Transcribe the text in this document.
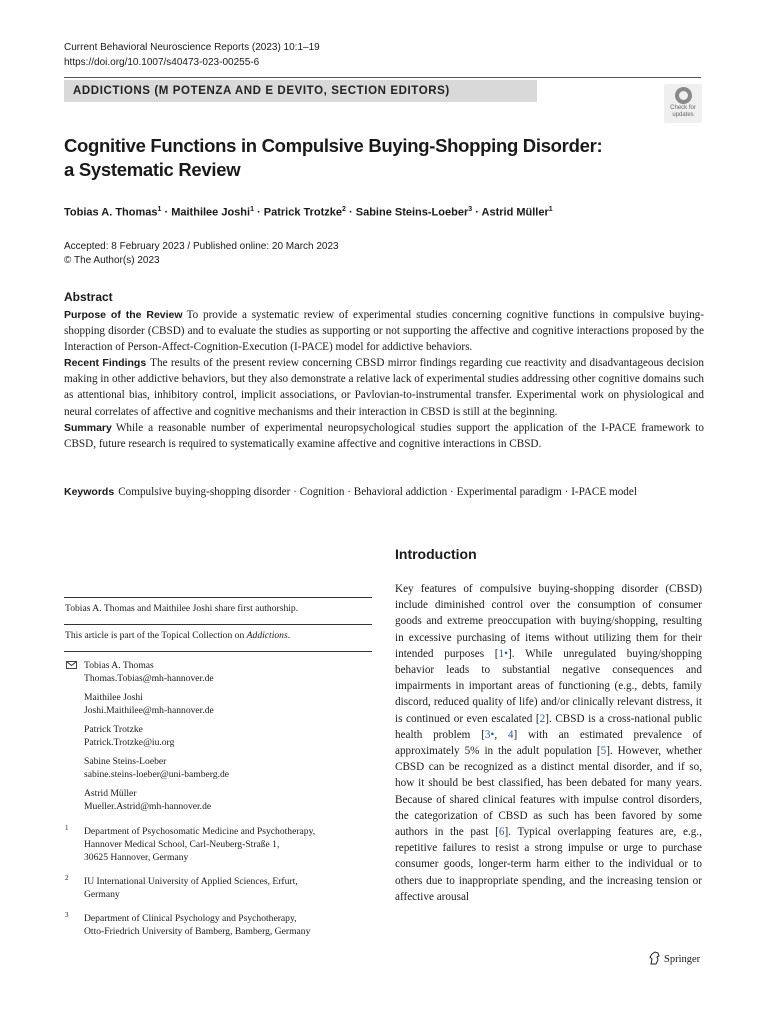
Current Behavioral Neuroscience Reports (2023) 10:1–19
https://doi.org/10.1007/s40473-023-00255-6
ADDICTIONS (M POTENZA AND E DEVITO, SECTION EDITORS)
Check for updates
Cognitive Functions in Compulsive Buying-Shopping Disorder:
a Systematic Review
Tobias A. Thomas$^1$ · Maithilee Joshi$^1$ · Patrick Trotzke$^2$ · Sabine Steins-Loeber$^3$ · Astrid Müller$^1$
Accepted: 8 February 2023 / Published online: 20 March 2023
© The Author(s) 2023
Abstract

Purpose of the Review To provide a systematic review of experimental studies concerning cognitive functions in compulsive buying-shopping disorder (CBSD) and to evaluate the studies as supporting or not supporting the affective and cognitive interactions proposed by the Interaction of Person-Affect-Cognition-Execution (I-PACE) model for addictive behaviors.

Recent Findings The results of the present review concerning CBSD mirror findings regarding cue reactivity and disadvantageous decision making in other addictive behaviors, but they also demonstrate a relative lack of experimental studies addressing other cognitive domains such as attentional bias, inhibitory control, implicit associations, or Pavlovian-to-instrumental transfer. Experimental work on physiological and neural correlates of affective and cognitive mechanisms and their interaction in CBSD is still at the beginning.

Summary While a reasonable number of experimental neuropsychological studies support the application of the I-PACE framework to CBSD, future research is required to systematically examine affective and cognitive interactions in CBSD.

Keywords Compulsive buying-shopping disorder · Cognition · Behavioral addiction · Experimental paradigm · I-PACE model
Tobias A. Thomas and Maithilee Joshi share first authorship.
This article is part of the Topical Collection on Addictions.
Tobias A. Thomas
Thomas.Tobias@mh-hannover.de
Maithilee Joshi
Joshi.Maithilee@mh-hannover.de
Patrick Trotzke
Patrick.Trotzke@iu.org
Sabine Steins-Loeber
sabine.steins-loeber@uni-bamberg.de
Astrid Müller
Mueller.Astrid@mh-hannover.de
1 Department of Psychosomatic Medicine and Psychotherapy,
Hannover Medical School, Carl-Neuberg-Straße 1,
30625 Hannover, Germany
2 IU International University of Applied Sciences, Erfurt,
Germany
3 Department of Clinical Psychology and Psychotherapy,
Otto-Friedrich University of Bamberg, Bamberg, Germany
Introduction

Key features of compulsive buying-shopping disorder (CBSD) include diminished control over the consumption of consumer goods and extreme preoccupation with buying/shopping, resulting in excessive purchasing of items without utilizing them for their intended purposes [1•]. While unregulated buying/shopping behavior leads to substantial negative consequences and impairments in important areas of functioning (e.g., debts, family discord, reduced quality of life) and/or clinically relevant distress, it is continued or even escalated [2]. CBSD is a cross-national public health problem [3•, 4] with an estimated prevalence of approximately 5% in the adult population [5]. However, whether CBSD can be recognized as a distinct mental disorder, and if so, how it should be best classified, has been debated for many years. Because of shared clinical features with impulse control disorders, the categorization of CBSD as such has been favored by some authors in the past [6]. Typical overlapping features are, e.g., repetitive failures to resist a strong impulse or urge to purchase consumer goods, longer-term harm either to the individual or to others due to inappropriate spending, and the increasing tension or affective arousal

Springer
